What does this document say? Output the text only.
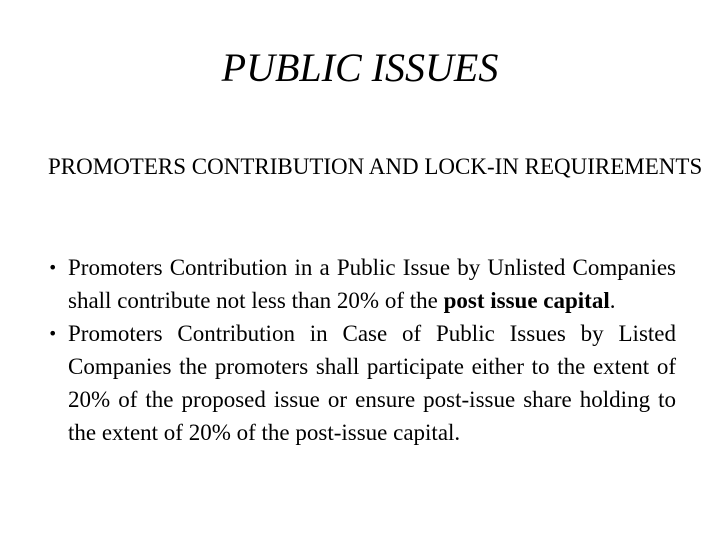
PUBLIC ISSUES

PROMOTERS CONTRIBUTION AND LOCK-IN REQUIREMENTS

• Promoters Contribution in a Public Issue by Unlisted Companies shall contribute not less than 20% of the post issue capital.
• Promoters Contribution in Case of Public Issues by Listed Companies the promoters shall participate either to the extent of 20% of the proposed issue or ensure post-issue share holding to the extent of 20% of the post-issue capital.
